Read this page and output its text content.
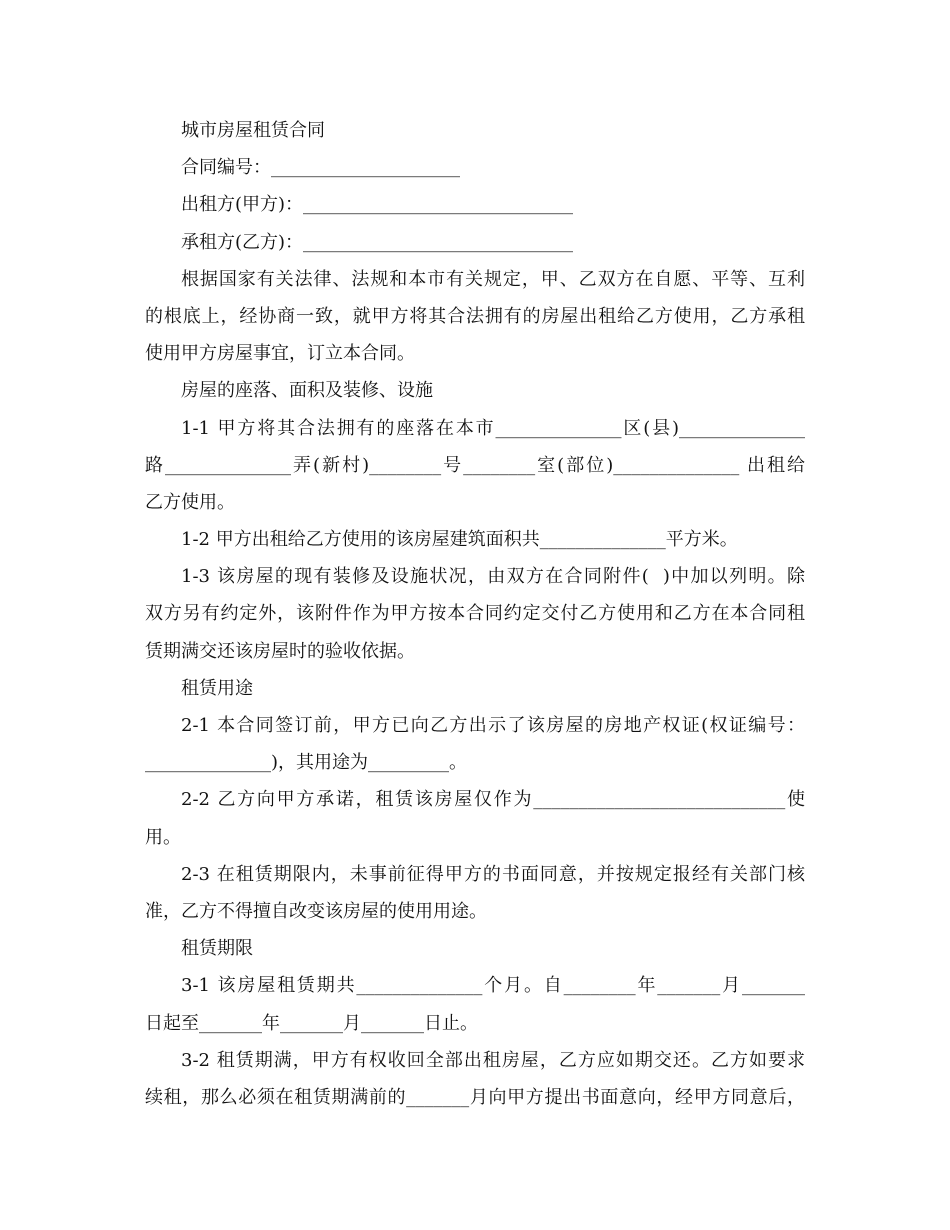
城市房屋租赁合同
合同编号：_____________________
出租方(甲方)：______________________________
承租方(乙方)：______________________________
根据国家有关法律、法规和本市有关规定，甲、乙双方在自愿、平等、互利
的根底上，经协商一致，就甲方将其合法拥有的房屋出租给乙方使用，乙方承租
使用甲方房屋事宜，订立本合同。
房屋的座落、面积及装修、设施
1-1 甲方将其合法拥有的座落在本市______________区(县)______________
路______________弄(新村)________号________室(部位)______________ 出租给
乙方使用。
1-2 甲方出租给乙方使用的该房屋建筑面积共______________平方米。
1-3 该房屋的现有装修及设施状况，由双方在合同附件(  )中加以列明。除
双方另有约定外，该附件作为甲方按本合同约定交付乙方使用和乙方在本合同租
赁期满交还该房屋时的验收依据。
租赁用途
2-1 本合同签订前，甲方已向乙方出示了该房屋的房地产权证(权证编号：
______________)，其用途为_________。
2-2 乙方向甲方承诺，租赁该房屋仅作为____________________________使
用。
2-3 在租赁期限内，未事前征得甲方的书面同意，并按规定报经有关部门核
准，乙方不得擅自改变该房屋的使用用途。
租赁期限
3-1 该房屋租赁期共______________个月。自________年_______月_______
日起至_______年_______月_______日止。
3-2 租赁期满，甲方有权收回全部出租房屋，乙方应如期交还。乙方如要求
续租，那么必须在租赁期满前的_______月向甲方提出书面意向，经甲方同意后，
